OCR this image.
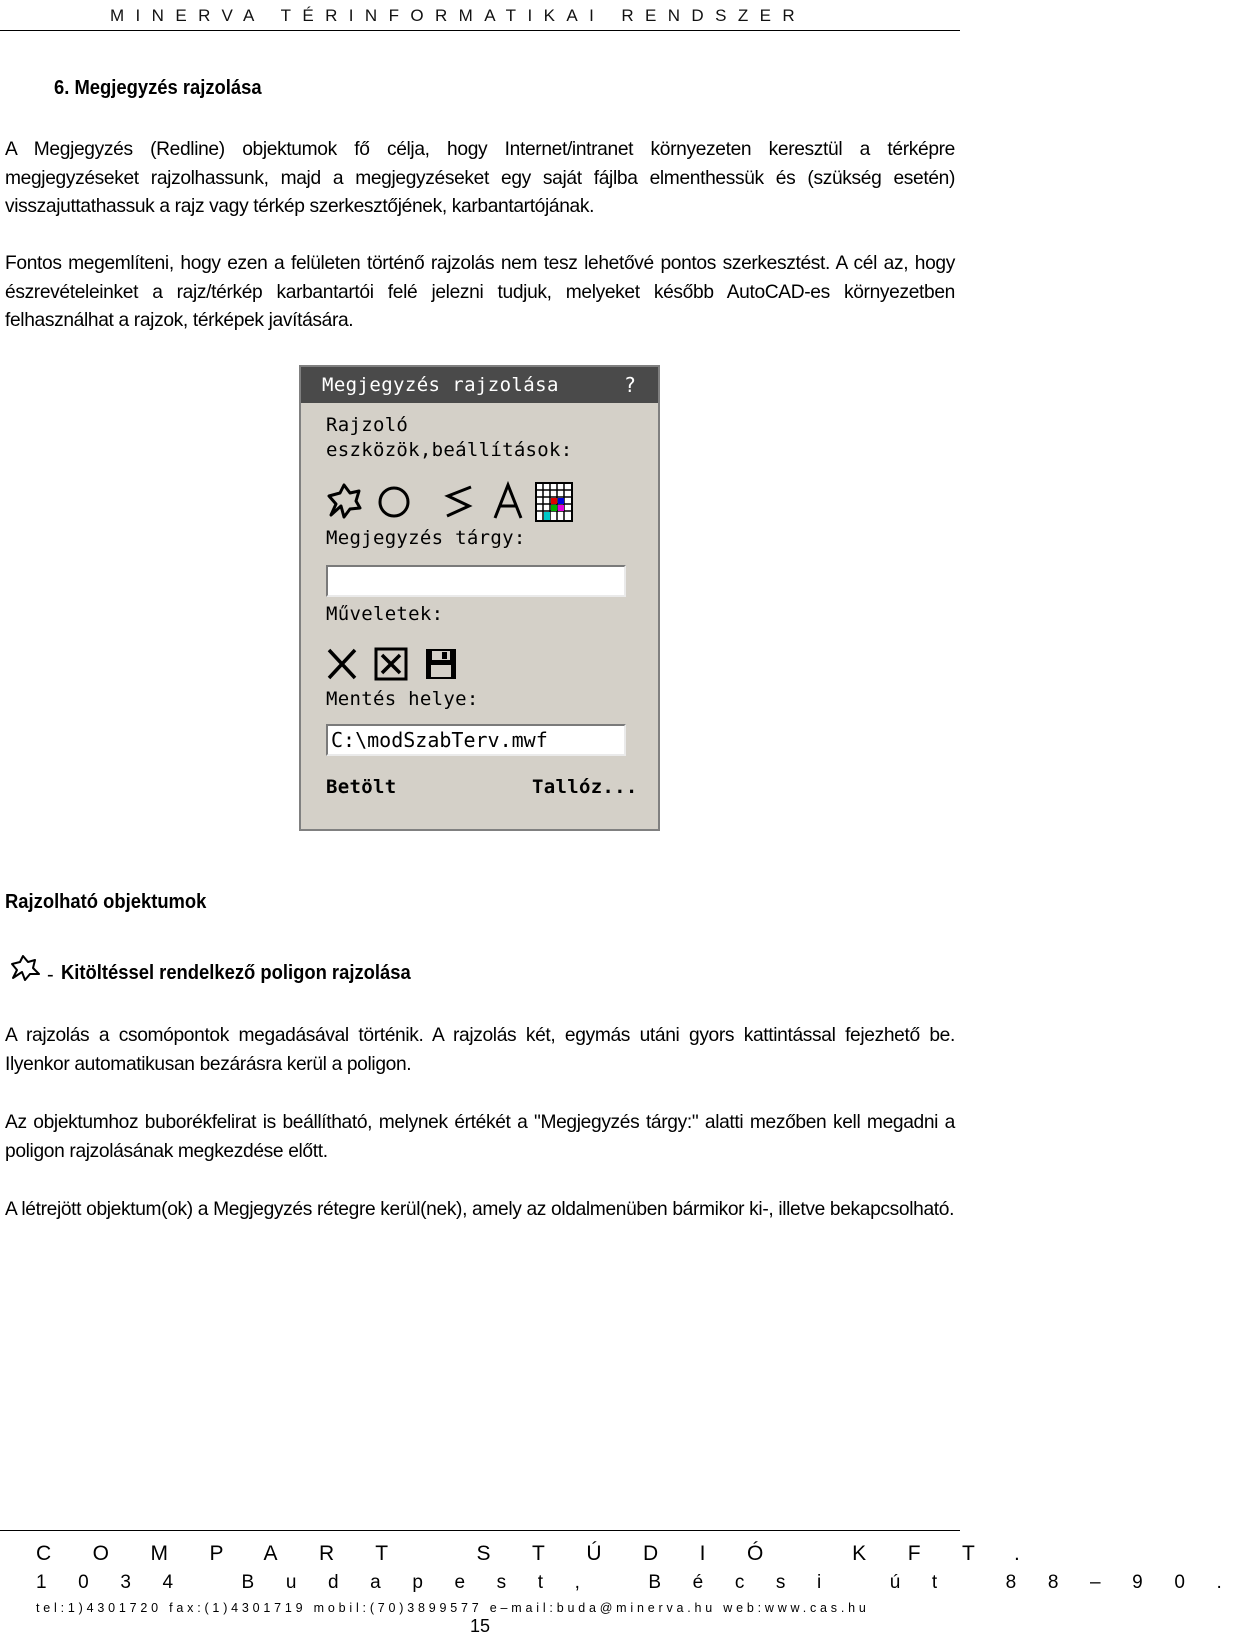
MINERVA TÉRINFORMATIKAI RENDSZER
6. Megjegyzés rajzolása
A Megjegyzés (Redline) objektumok fő célja, hogy Internet/intranet környezeten keresztül a térképre megjegyzéseket rajzolhassunk, majd a megjegyzéseket egy saját fájlba elmenthessük és (szükség esetén) visszajuttathassuk a rajz vagy térkép szerkesztőjének, karbantartójának.
Fontos megemlíteni, hogy ezen a felületen történő rajzolás nem tesz lehetővé pontos szerkesztést. A cél az, hogy észrevételeinket a rajz/térkép karbantartói felé jelezni tudjuk, melyeket később AutoCAD-es környezetben felhasználhat a rajzok, térképek javítására.
Rajzolható objektumok
- Kitöltéssel rendelkező poligon rajzolása
A rajzolás a csomópontok megadásával történik. A rajzolás két, egymás utáni gyors kattintással fejezhető be. Ilyenkor automatikusan bezárásra kerül a poligon.
Az objektumhoz buborékfelirat is beállítható, melynek értékét a "Megjegyzés tárgy:" alatti mezőben kell megadni a poligon rajzolásának megkezdése előtt.
A létrejött objektum(ok) a Megjegyzés rétegre kerül(nek), amely az oldalmenüben bármikor ki-, illetve bekapcsolható.
Megjegyzés rajzolása	?
Rajzoló
eszközök,beállítások:
Megjegyzés tárgy:
Műveletek:
Mentés helye:
C:\modSzabTerv.mwf
Betölt	Tallóz...
COMPART STÚDIÓ KFT.
1034 Budapest, Bécsi út 88–90.
tel:1)4301720 fax:(1)4301719 mobil:(70)3899577 e–mail:buda@minerva.hu web:www.cas.hu
15
